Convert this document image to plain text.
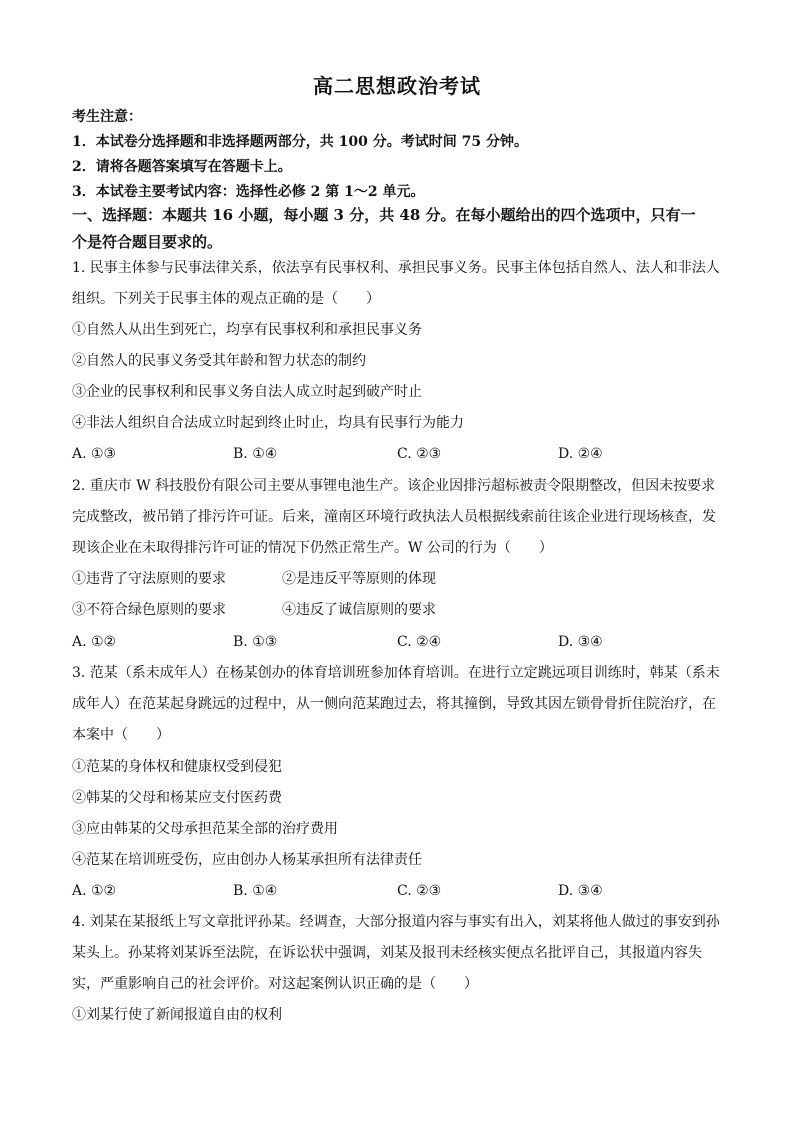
高二思想政治考试
考生注意：
1．本试卷分选择题和非选择题两部分，共 100 分。考试时间 75 分钟。
2．请将各题答案填写在答题卡上。
3．本试卷主要考试内容：选择性必修 2 第 1～2 单元。
一、选择题：本题共 16 小题，每小题 3 分，共 48 分。在每小题给出的四个选项中，只有一
个是符合题目要求的。
1. 民事主体参与民事法律关系，依法享有民事权利、承担民事义务。民事主体包括自然人、法人和非法人
组织。下列关于民事主体的观点正确的是（　　）
①自然人从出生到死亡，均享有民事权利和承担民事义务
②自然人的民事义务受其年龄和智力状态的制约
③企业的民事权利和民事义务自法人成立时起到破产时止
④非法人组织自合法成立时起到终止时止，均具有民事行为能力
A. ①③	B. ①④	C. ②③	D. ②④
2. 重庆市 W 科技股份有限公司主要从事锂电池生产。该企业因排污超标被责令限期整改，但因未按要求
完成整改，被吊销了排污许可证。后来，潼南区环境行政执法人员根据线索前往该企业进行现场核查，发
现该企业在未取得排污许可证的情况下仍然正常生产。W 公司的行为（　　）
①违背了守法原则的要求	②是违反平等原则的体现
③不符合绿色原则的要求	④违反了诚信原则的要求
A. ①②	B. ①③	C. ②④	D. ③④
3. 范某（系未成年人）在杨某创办的体育培训班参加体育培训。在进行立定跳远项目训练时，韩某（系未
成年人）在范某起身跳远的过程中，从一侧向范某跑过去，将其撞倒，导致其因左锁骨骨折住院治疗，在
本案中（　　）
①范某的身体权和健康权受到侵犯
②韩某的父母和杨某应支付医药费
③应由韩某的父母承担范某全部的治疗费用
④范某在培训班受伤，应由创办人杨某承担所有法律责任
A. ①②	B. ①④	C. ②③	D. ③④
4. 刘某在某报纸上写文章批评孙某。经调查，大部分报道内容与事实有出入，刘某将他人做过的事安到孙
某头上。孙某将刘某诉至法院，在诉讼状中强调，刘某及报刊未经核实便点名批评自己，其报道内容失
实，严重影响自己的社会评价。对这起案例认识正确的是（　　）
①刘某行使了新闻报道自由的权利
